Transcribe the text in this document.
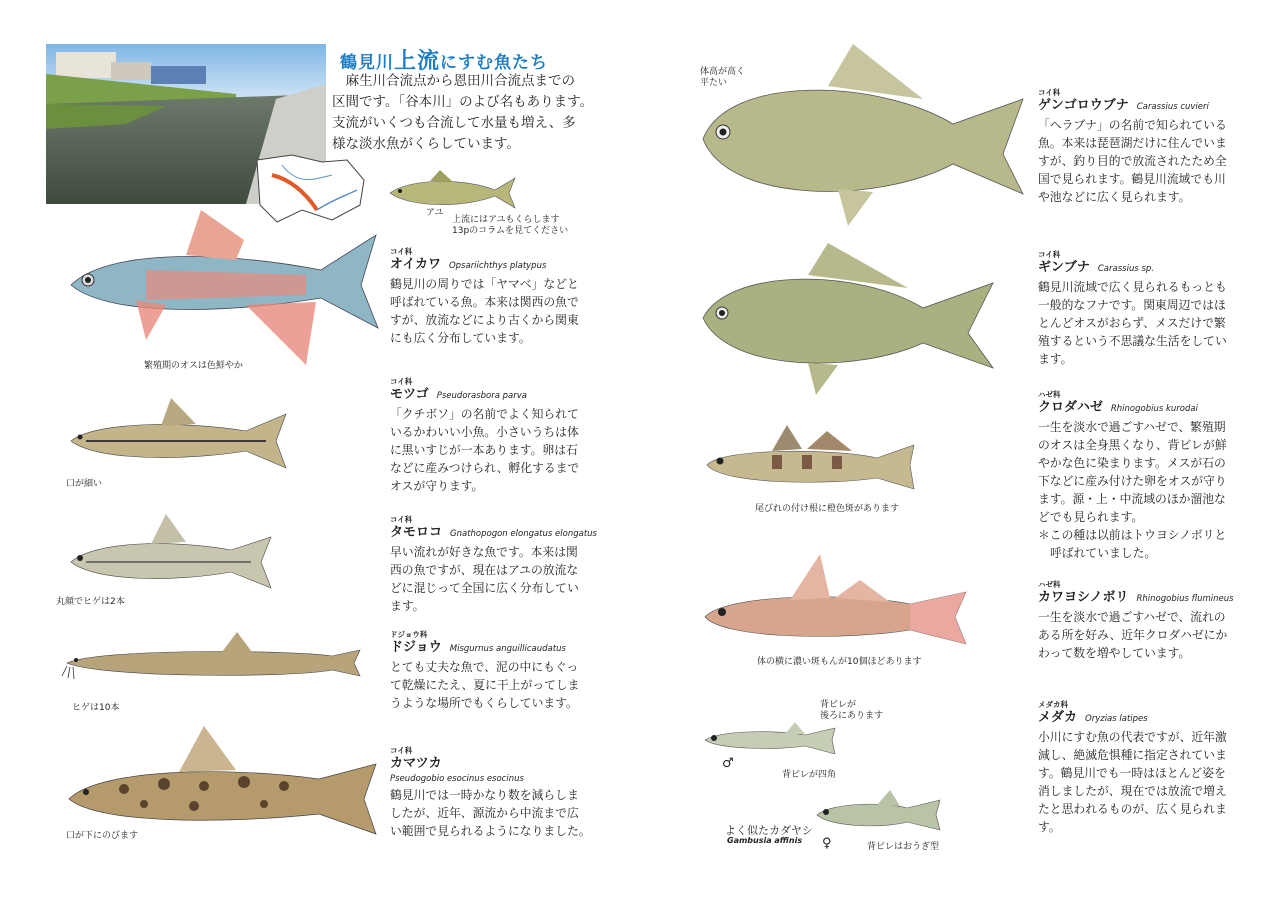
鶴見川上流にすむ魚たち

　麻生川合流点から恩田川合流点までの

区間です。「谷本川」のよび名もあります。

支流がいくつも合流して水量も増え、多

様な淡水魚がくらしています。

アユ
上流にはアユもくらします
13pのコラムを見てください
繁殖期のオスは色鮮やか
口が細い
丸顔でヒゲは2本
ヒゲは10本
口が下にのびます
コイ科
オイカワ Opsariichthys platypus
鶴見川の周りでは「ヤマベ」などと
呼ばれている魚。本来は関西の魚で
すが、放流などにより古くから関東
にも広く分布しています。
コイ科
モツゴ Pseudorasbora parva
「クチボソ」の名前でよく知られて
いるかわいい小魚。小さいうちは体
に黒いすじが一本あります。卵は石
などに産みつけられ、孵化するまで
オスが守ります。
コイ科
タモロコ Gnathopogon elongatus elongatus
早い流れが好きな魚です。本来は関
西の魚ですが、現在はアユの放流な
どに混じって全国に広く分布してい
ます。
ドジョウ科
ドジョウ Misgurnus anguillicaudatus
とても丈夫な魚で、泥の中にもぐっ
て乾燥にたえ、夏に干上がってしま
うような場所でもくらしています。
コイ科
カマツカ
Pseudogobio esocinus esocinus
鶴見川では一時かなり数を減らしま
したが、近年、源流から中流まで広
い範囲で見られるようになりました。
体高が高く
平たい
尾びれの付け根に橙色斑があります
体の横に濃い斑もんが10個ほどあります
背ビレが
後ろにあります
♂
背ビレが四角
よく似たカダヤシ
Gambusia affinis ♀	背ビレはおうぎ型
コイ科
ゲンゴロウブナ Carassius cuvieri
「ヘラブナ」の名前で知られている
魚。本来は琵琶湖だけに住んでいま
すが、釣り目的で放流されたため全
国で見られます。鶴見川流域でも川
や池などに広く見られます。
コイ科
ギンブナ Carassius sp.
鶴見川流域で広く見られるもっとも
一般的なフナです。関東周辺ではほ
とんどオスがおらず、メスだけで繁
殖するという不思議な生活をしてい
ます。
ハゼ科
クロダハゼ Rhinogobius kurodai
一生を淡水で過ごすハゼで、繁殖期
のオスは全身黒くなり、背ビレが鮮
やかな色に染まります。メスが石の
下などに産み付けた卵をオスが守り
ます。源・上・中流域のほか溜池な
どでも見られます。
＊この種は以前はトウヨシノボリと
呼ばれていました。
ハゼ科
カワヨシノボリ Rhinogobius flumineus
一生を淡水で過ごすハゼで、流れの
ある所を好み、近年クロダハゼにか
わって数を増やしています。
メダカ科
メダカ Oryzias latipes
小川にすむ魚の代表ですが、近年激
減し、絶滅危惧種に指定されていま
す。鶴見川でも一時はほとんど姿を
消しましたが、現在では放流で増え
たと思われるものが、広く見られま
す。
